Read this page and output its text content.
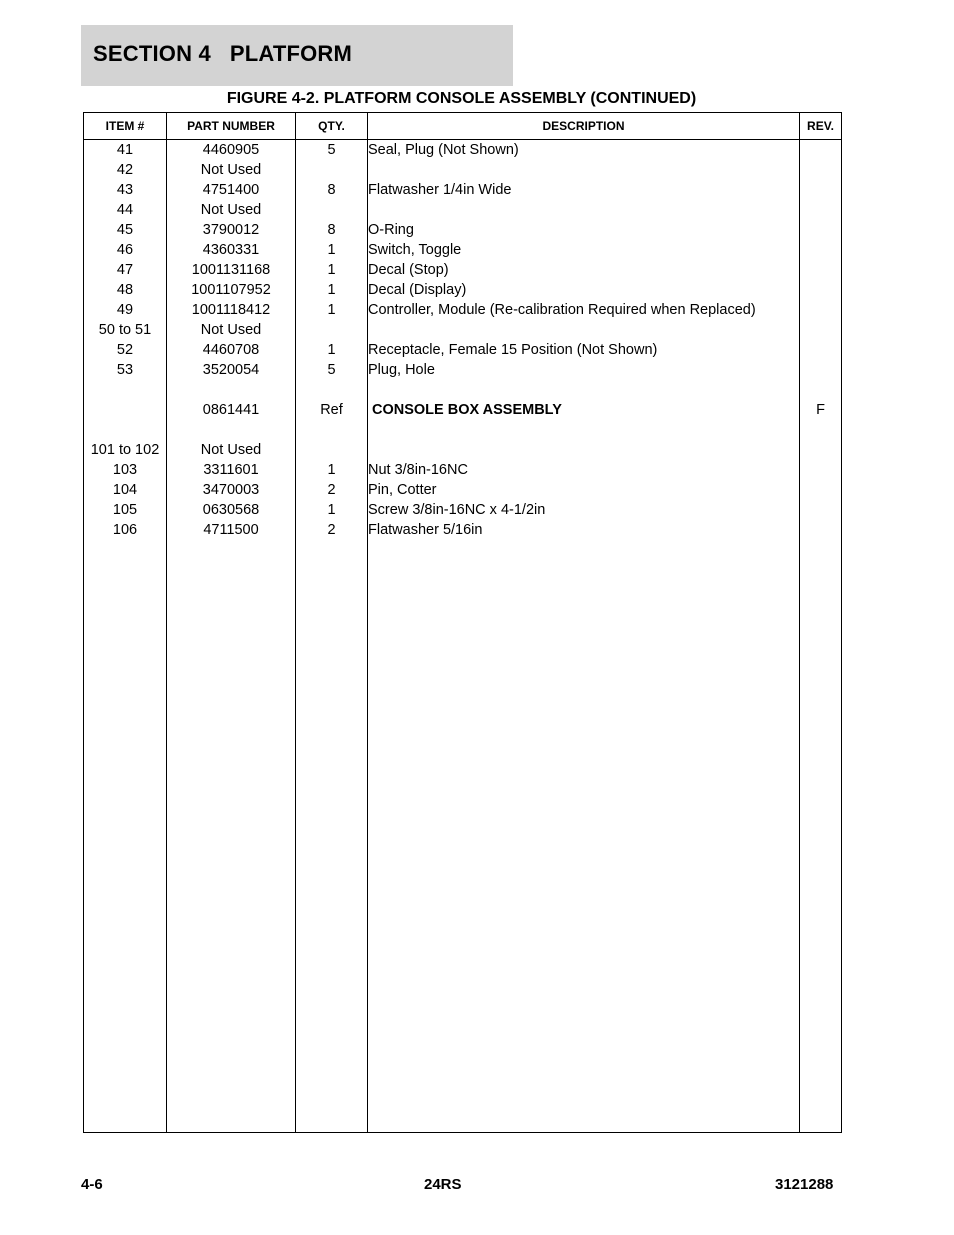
SECTION 4   PLATFORM
FIGURE 4-2. PLATFORM CONSOLE ASSEMBLY (CONTINUED)
ITEM #	PART NUMBER	QTY.	DESCRIPTION	REV.
41	4460905	5	Seal, Plug (Not Shown)	
42	Not Used			
43	4751400	8	Flatwasher 1/4in Wide	
44	Not Used			
45	3790012	8	O-Ring	
46	4360331	1	Switch, Toggle	
47	1001131168	1	Decal (Stop)	
48	1001107952	1	Decal (Display)	
49	1001118412	1	Controller, Module (Re-calibration Required when Replaced)	
50 to 51	Not Used			
52	4460708	1	Receptacle, Female 15 Position (Not Shown)	
53	3520054	5	Plug, Hole	

	0861441	Ref	CONSOLE BOX ASSEMBLY	F

101 to 102	Not Used			
103	3311601	1	Nut 3/8in-16NC	
104	3470003	2	Pin, Cotter	
105	0630568	1	Screw 3/8in-16NC x 4-1/2in	
106	4711500	2	Flatwasher 5/16in	

4-6	24RS	3121288
